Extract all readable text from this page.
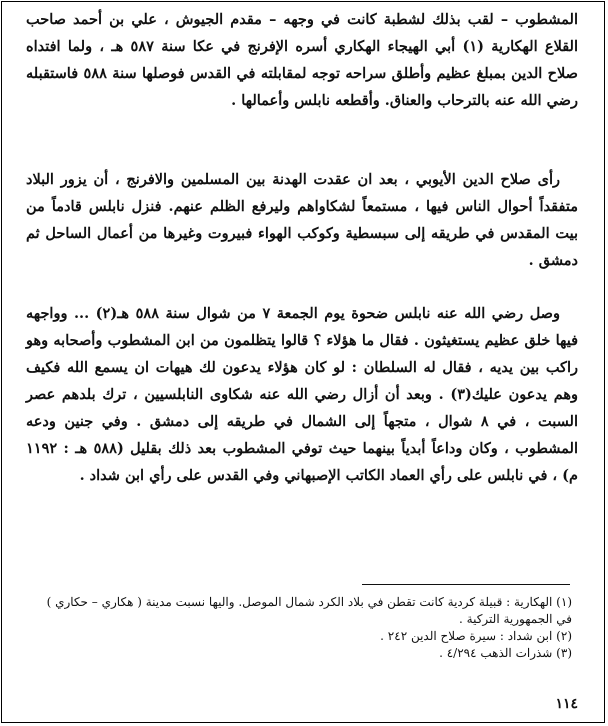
المشطوب – لقب بذلك لشطبة كانت في وجهه – مقدم الجيوش ، علي بن أحمد صاحب القلاع الهكارية (١) أبي الهيجاء الهكاري أسره الإفرنج في عكا سنة ٥٨٧ هـ ، ولما افتداه صلاح الدين بمبلغ عظيم وأطلق سراحه توجه لمقابلته في القدس فوصلها سنة ٥٨٨ فاستقبله رضي الله عنه بالترحاب والعناق. وأقطعه نابلس وأعمالها .

رأى صلاح الدين الأيوبي ، بعد ان عقدت الهدنة بين المسلمين والافرنج ، أن يزور البلاد متفقداً أحوال الناس فيها ، مستمعاً لشكاواهم وليرفع الظلم عنهم. فنزل نابلس قادماً من بيت المقدس في طريقه إلى سبسطية وكوكب الهواء فبيروت وغيرها من أعمال الساحل ثم دمشق .

وصل رضي الله عنه نابلس ضحوة يوم الجمعة ٧ من شوال سنة ٥٨٨ هـ(٢) ... وواجهه فيها خلق عظيم يستغيثون . فقال ما هؤلاء ؟ قالوا يتظلمون من ابن المشطوب وأصحابه وهو راكب بين يديه ، فقال له السلطان : لو كان هؤلاء يدعون لك هيهات ان يسمع الله فكيف وهم يدعون عليك(٣) . وبعد أن أزال رضي الله عنه شكاوى النابلسيين ، ترك بلدهم عصر السبت ، في ٨ شوال ، متجهاً إلى الشمال في طريقه إلى دمشق . وفي جنين ودعه المشطوب ، وكان وداعاً أبدياً بينهما حيث توفي المشطوب بعد ذلك بقليل (٥٨٨ هـ : ١١٩٢ م) ، في نابلس على رأي العماد الكاتب الإصبهاني وفي القدس على رأي ابن شداد .

(١) الهكارية : قبيلة كردية كانت تقطن في بلاد الكرد شمال الموصل. واليها نسبت مدينة ( هكاري – حكاري ) في الجمهورية التركية .
(٢) ابن شداد : سيرة صلاح الدين ٢٤٢ .
(٣) شذرات الذهب ٤/٢٩٤ .
١١٤
